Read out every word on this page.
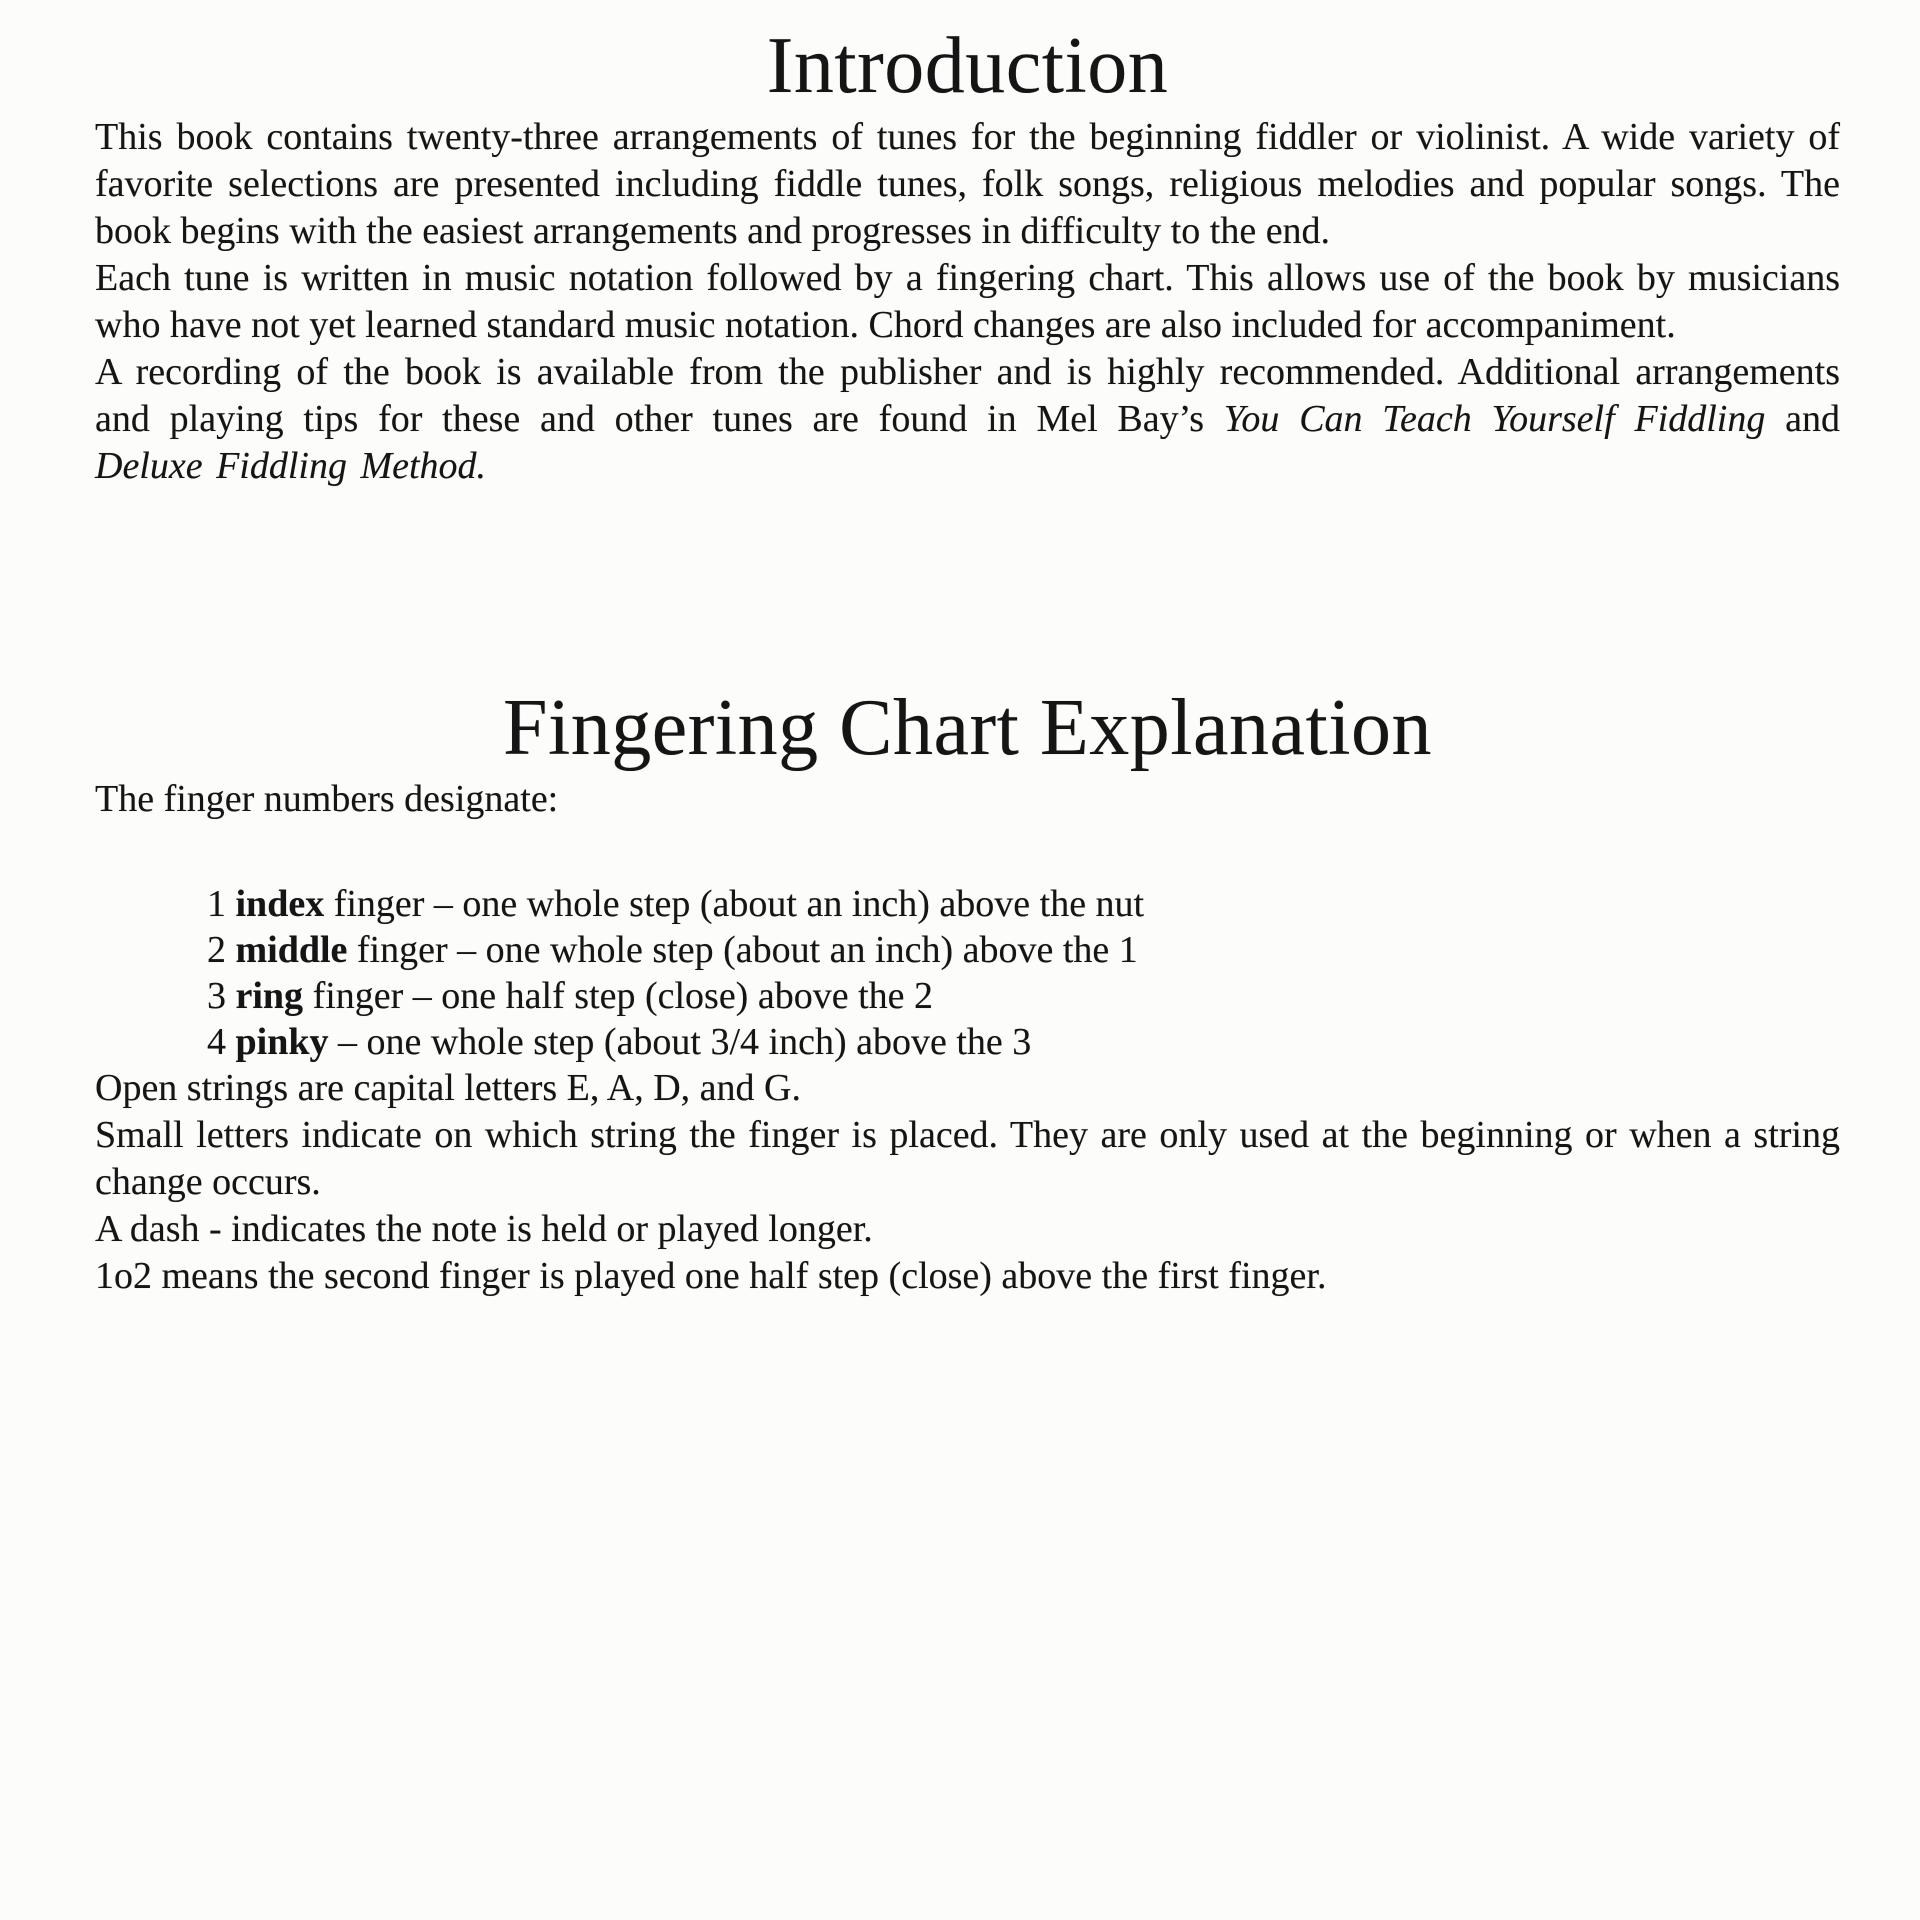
Introduction

This book contains twenty-three arrangements of tunes for the beginning fiddler or violinist. A wide variety of favorite selections are presented including fiddle tunes, folk songs, religious melodies and popular songs. The book begins with the easiest arrangements and progresses in difficulty to the end.

Each tune is written in music notation followed by a fingering chart. This allows use of the book by musicians who have not yet learned standard music notation. Chord changes are also included for accompaniment.

A recording of the book is available from the publisher and is highly recommended. Additional arrangements and playing tips for these and other tunes are found in Mel Bay’s You Can Teach Yourself Fiddling and Deluxe Fiddling Method.

Fingering Chart Explanation

The finger numbers designate:

1 index finger – one whole step (about an inch) above the nut
2 middle finger – one whole step (about an inch) above the 1
3 ring finger – one half step (close) above the 2
4 pinky – one whole step (about 3/4 inch) above the 3

Open strings are capital letters E, A, D, and G.

Small letters indicate on which string the finger is placed. They are only used at the beginning or when a string change occurs.

A dash - indicates the note is held or played longer.

1o2 means the second finger is played one half step (close) above the first finger.
